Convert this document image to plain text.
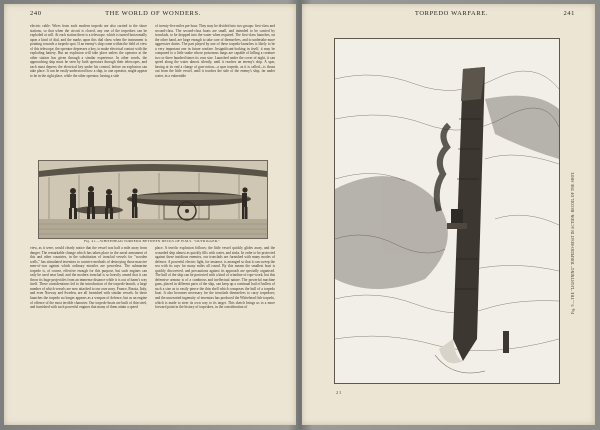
240	THE WORLD OF WONDERS.

electric cable. Wires from each modern torpedo are also carried to the shore stations, so that when the circuit is closed, any one of the torpedoes can be exploded at will. At each station there is a telescope, which is turned horizontally upon a kind of dial, and the marks upon this dial show when the instrument is pointing towards a torpedo spot. If an enemy's ship come within the field of view of this telescope, the operator depresses a key, to make electrical contact with the exploding battery. But an explosion will take place unless the operator at the other station has given through a similar experience. In other words, the approaching ship must be seen by both operators through their telescopes, and each must depress the electrical key under his control, before an explosion can take place. It can be easily understood how a ship, to one operator, might appear to be in the right place, while the other operator, having a side

of twenty-five miles per hour. They may be divided into two groups: first-class and second-class. The second-class boats are small, and intended to be carried by ironclads, to be dropped into the water when required. The first-class launches, on the other hand, are large enough to take care of themselves, and to undertake more aggressive duties. The part played by one of these torpedo-launches is likely to be a very important one in future warfare. Insignificant-looking in itself, it may be compared to a little snake whose poisonous fangs are capable of killing a creature two or three hundred times its own size. Launched under the cover of night, it can speed along the water almost silently, until it reaches an enemy's ship. A spar, having at its end a charge of gun-cotton—a spar torpedo, as it is called—is thrust out from the little vessel, until it touches the side of the enemy's ship, far under water, in a vulnerable

Fig. 41.—WHITEHEAD TORPEDO BETWEEN DECKS OF H.M.S. "OUTRIGGER."

view, as it were, would clearly notice that the vessel was half a mile away from danger. The remarkable change which has taken place in the naval armament of this and other countries, in the substitution of ironclad vessels for "wooden walls," has stimulated inventors to contrive methods of destroying those massive men-of-war against which ordinary missiles are powerless. The submarine torpedo is, of course, effective enough for this purpose, but such engines can only be used near land; and the modern ironclad is so heavily armed that it can throw its huge projectiles from an immense distance while it is out of harm's way itself. These considerations led to the introduction of the torpedo-launch, a large number of which vessels are now attached to our own navy. France, Russia, Italy, and even Norway and Sweden, are all furnished with similar vessels. In these launches the torpedo no longer appears as a weapon of defence, but as an engine of offence of the most terrible character. Our torpedo-boats are built of thin steel, and furnished with such powerful engines that many of them attain a speed

place. A terrific explosion follows; the little vessel quickly glides away, and the wounded ship almost as quickly fills with water, and sinks. In order to be protected against these insidious enemies, our ironclads are furnished with many modes of defence. A powerful electric light, for instance, is arranged so that it can sweep the sea with its rays for many miles all round. By this means the smallest boat is quickly discovered, and precautions against its approach are specially organised. The hull of the ship can be protected with a kind of crinoline of rope-work; but this defensive armour is of a cumbrous and ineffectual nature. The powerful machine guns, placed in different parts of the ship, can keep up a continual hail of bullets of such a size as to easily pierce the thin shell which composes the hull of a torpedo boat. It also becomes necessary for the ironclads themselves to carry torpedoes; and the unwearied ingenuity of inventors has produced the Whitehead fish-torpedo, which is made to steer its own way to its target. This sketch brings us to a more forward point in the history of torpedoes, in the consideration of

TORPEDO WARFARE.	241
Fig. 9.—THE "LIGHTNING" TORPEDO-BOAT IN ACTION: RECOIL OF THE SHOT.
2 I
